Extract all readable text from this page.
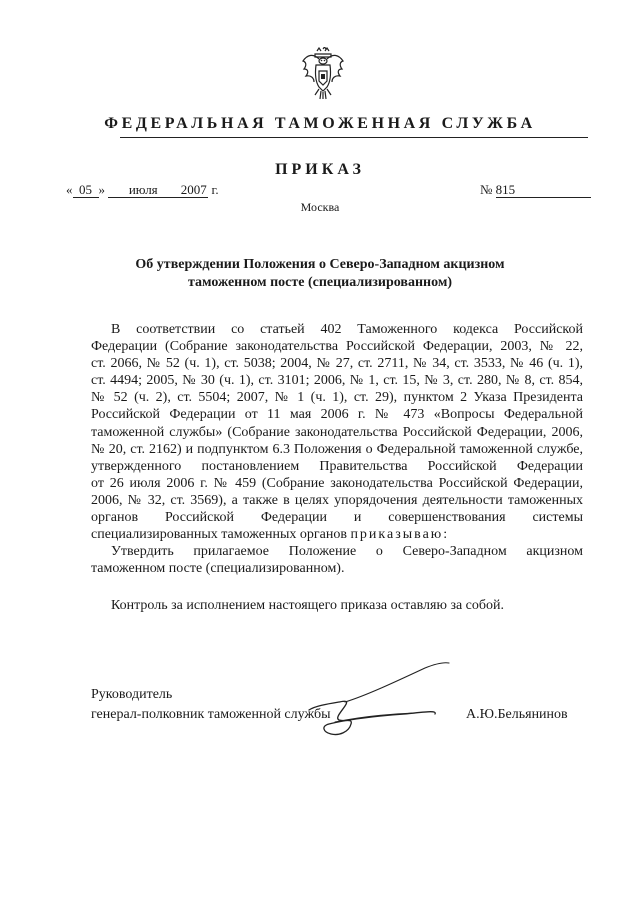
ФЕДЕРАЛЬНАЯ ТАМОЖЕННАЯ СЛУЖБА
ПРИКАЗ
« 05 » июля 2007 г.	№ 815
Москва
Об утверждении Положения о Северо-Западном акцизном
таможенном посте (специализированном)
В соответствии со статьей 402 Таможенного кодекса Российской
Федерации (Собрание законодательства Российской Федерации, 2003, № 22,
ст. 2066, № 52 (ч. 1), ст. 5038; 2004, № 27, ст. 2711, № 34, ст. 3533, № 46 (ч. 1),
ст. 4494; 2005, № 30 (ч. 1), ст. 3101; 2006, № 1, ст. 15, № 3, ст. 280, № 8, ст. 854,
№ 52 (ч. 2), ст. 5504; 2007, № 1 (ч. 1), ст. 29), пунктом 2 Указа Президента
Российской Федерации от 11 мая 2006 г. № 473 «Вопросы Федеральной
таможенной службы» (Собрание законодательства Российской Федерации, 2006,
№ 20, ст. 2162) и подпунктом 6.3 Положения о Федеральной таможенной службе,
утвержденного постановлением Правительства Российской Федерации
от 26 июля 2006 г. № 459 (Собрание законодательства Российской Федерации,
2006, № 32, ст. 3569), а также в целях упорядочения деятельности таможенных
органов Российской Федерации и совершенствования системы
специализированных таможенных органов приказываю:
Утвердить прилагаемое Положение о Северо-Западном акцизном
таможенном посте (специализированном).
Контроль за исполнением настоящего приказа оставляю за собой.
Руководитель
генерал-полковник таможенной службы	А.Ю.Бельянинов
